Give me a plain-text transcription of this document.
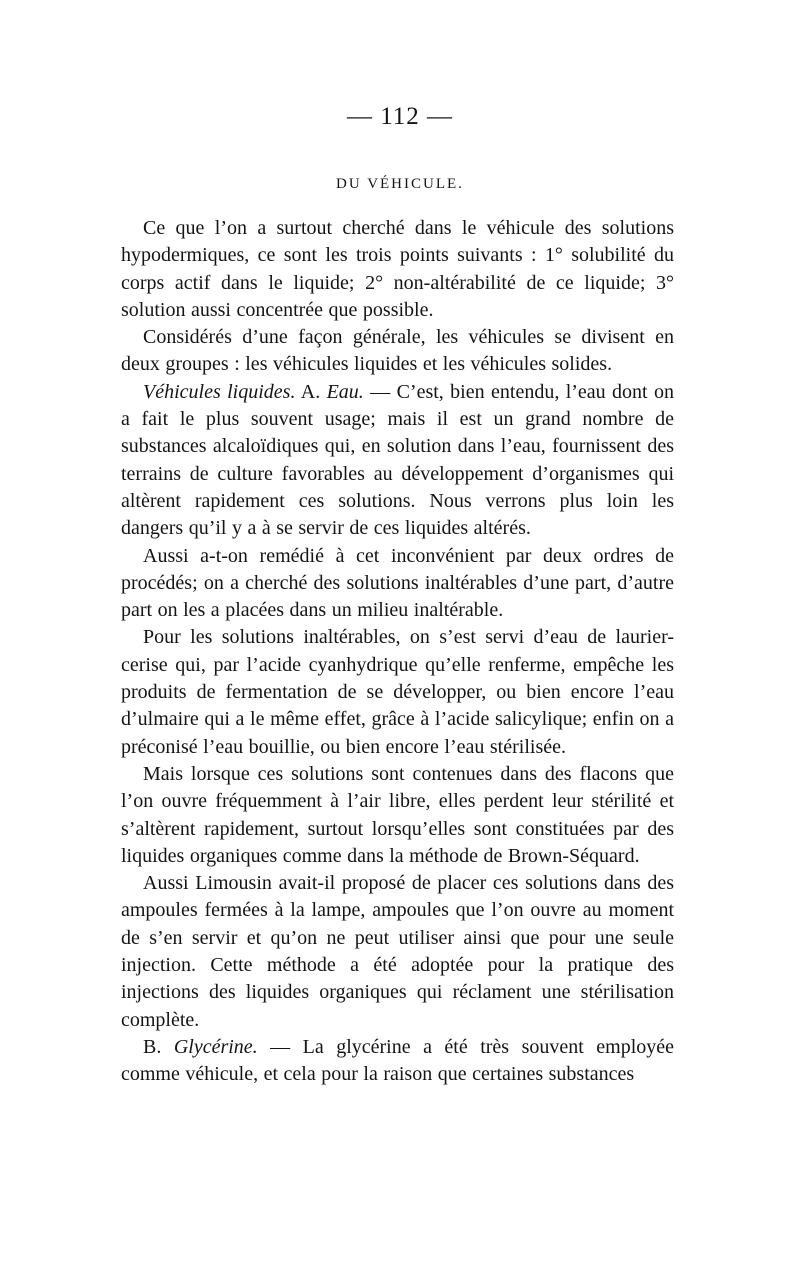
— 112 —

DU VÉHICULE.

Ce que l’on a surtout cherché dans le véhicule des solutions hypodermiques, ce sont les trois points suivants : 1° solubilité du corps actif dans le liquide; 2° non-altérabilité de ce liquide; 3° solution aussi concentrée que possible.

Considérés d’une façon générale, les véhicules se divisent en deux groupes : les véhicules liquides et les véhicules solides.

Véhicules liquides. A. Eau. — C’est, bien entendu, l’eau dont on a fait le plus souvent usage; mais il est un grand nombre de substances alcaloïdiques qui, en solution dans l’eau, fournissent des terrains de culture favorables au développement d’organismes qui altèrent rapidement ces solutions. Nous verrons plus loin les dangers qu’il y a à se servir de ces liquides altérés.

Aussi a-t-on remédié à cet inconvénient par deux ordres de procédés; on a cherché des solutions inaltérables d’une part, d’autre part on les a placées dans un milieu inaltérable.

Pour les solutions inaltérables, on s’est servi d’eau de laurier-cerise qui, par l’acide cyanhydrique qu’elle renferme, empêche les produits de fermentation de se développer, ou bien encore l’eau d’ulmaire qui a le même effet, grâce à l’acide salicylique; enfin on a préconisé l’eau bouillie, ou bien encore l’eau stérilisée.

Mais lorsque ces solutions sont contenues dans des flacons que l’on ouvre fréquemment à l’air libre, elles perdent leur stérilité et s’altèrent rapidement, surtout lorsqu’elles sont constituées par des liquides organiques comme dans la méthode de Brown-Séquard.

Aussi Limousin avait-il proposé de placer ces solutions dans des ampoules fermées à la lampe, ampoules que l’on ouvre au moment de s’en servir et qu’on ne peut utiliser ainsi que pour une seule injection. Cette méthode a été adoptée pour la pratique des injections des liquides organiques qui réclament une stérilisation complète.

B. Glycérine. — La glycérine a été très souvent employée comme véhicule, et cela pour la raison que certaines substances
